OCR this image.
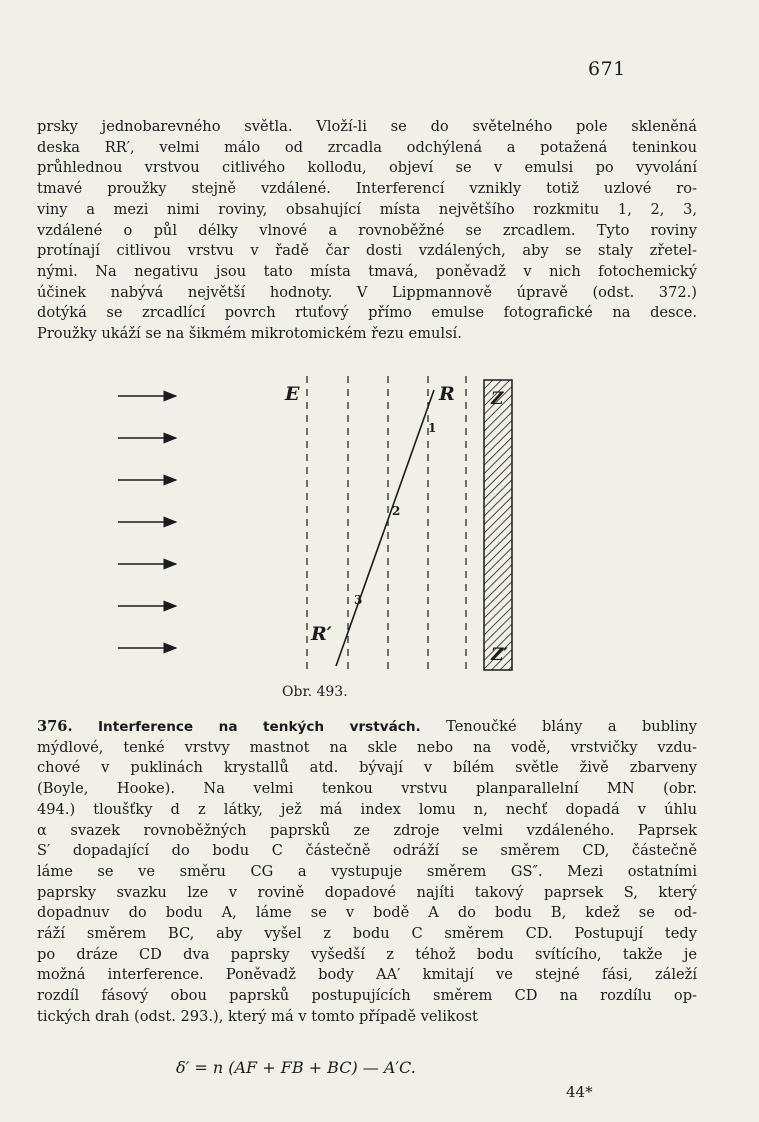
671

prsky jednobarevného světla. Vloží-li se do světelného pole skleněná
deska RR′, velmi málo od zrcadla odchýlená a potažená teninkou
průhlednou vrstvou citlivého kollodu, objeví se v emulsi po vyvolání
tmavé proužky stejně vzdálené. Interferencí vznikly totiž uzlové ro-
viny a mezi nimi roviny, obsahující místa největšího rozkmitu 1, 2, 3,
vzdálené o půl délky vlnové a rovnoběžné se zrcadlem. Tyto roviny
protínají citlivou vrstvu v řadě čar dosti vzdálených, aby se staly zřetel-
nými. Na negativu jsou tato místa tmavá, poněvadž v nich fotochemický
účinek nabývá největší hodnoty. V Lippmannově úpravě (odst. 372.)
dotýká se zrcadlící povrch rtuťový přímo emulse fotografické na desce.
Proužky ukáží se na šikmém mikrotomickém řezu emulsí.

E	R
R′
Z
Z′
1
2
3
Obr. 493.
376. Interference na tenkých vrstvách. Tenoučké blány a bubliny
mýdlové, tenké vrstvy mastnot na skle nebo na vodě, vrstvičky vzdu-
chové v puklinách krystallů atd. bývají v bílém světle živě zbarveny
(Boyle, Hooke). Na velmi tenkou vrstvu planparallelní MN (obr.
494.) tloušťky d z látky, jež má index lomu n, nechť dopadá v úhlu
α svazek rovnoběžných paprsků ze zdroje velmi vzdáleného. Paprsek
S′ dopadající do bodu C částečně odráží se směrem CD, částečně
láme se ve směru CG a vystupuje směrem GS″. Mezi ostatními
paprsky svazku lze v rovině dopadové najíti takový paprsek S, který
dopadnuv do bodu A, láme se v bodě A do bodu B, kdež se od-
ráží směrem BC, aby vyšel z bodu C směrem CD. Postupují tedy
po dráze CD dva paprsky vyšedší z téhož bodu svítícího, takže je
možná interference. Poněvadž body AA′ kmitají ve stejné fási, záleží
rozdíl fásový obou paprsků postupujících směrem CD na rozdílu op-
tických drah (odst. 293.), který má v tomto případě velikost
δ′ = n (AF + FB + BC) — A′C.
44*
